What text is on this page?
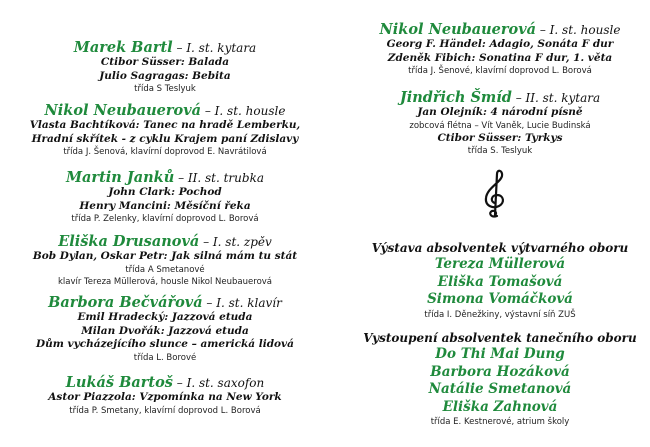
Marek Bartl – I. st. kytara
Ctibor Süsser: Balada
Julio Sagragas: Bebita
třída S Teslyuk
Nikol Neubauerová – I. st. housle
Vlasta Bachtíková: Tanec na hradě Lemberku,
Hradní skřítek - z cyklu Krajem paní Zdislavy
třída J. Šenová, klavírní doprovod E. Navrátilová
Martin Janků – II. st. trubka
John Clark: Pochod
Henry Mancini: Měsíční řeka
třída P. Zelenky, klavírní doprovod L. Borová
Eliška Drusanová – I. st. zpěv
Bob Dylan, Oskar Petr: Jak silná mám tu stát
třída A Smetanové
klavír Tereza Müllerová, housle Nikol Neubauerová
Barbora Bečvářová – I. st. klavír
Emil Hradecký: Jazzová etuda
Milan Dvořák: Jazzová etuda
Dům vycházejícího slunce – americká lidová
třída L. Borové
Lukáš Bartoš – I. st. saxofon
Astor Piazzola: Vzpomínka na New York
třída P. Smetany, klavírní doprovod L. Borová
Nikol Neubauerová – I. st. housle
Georg F. Händel: Adagio, Sonáta F dur
Zdeněk Fibich: Sonatina F dur, 1. věta
třída J. Šenové, klavírní doprovod L. Borová
Jindřich Šmíd – II. st. kytara
Jan Olejník: 4 národní písně
zobcová flétna – Vít Vaněk, Lucie Budinská
Ctibor Süsser: Tyrkys
třída S. Teslyuk
Výstava absolventek výtvarného oboru
Tereza Müllerová
Eliška Tomašová
Simona Vomáčková
třída I. Děnežkiny, výstavní síň ZUŠ
Vystoupení absolventek tanečního oboru
Do Thi Mai Dung
Barbora Hozáková
Natálie Smetanová
Eliška Zahnová
třída E. Kestnerové, atrium školy
